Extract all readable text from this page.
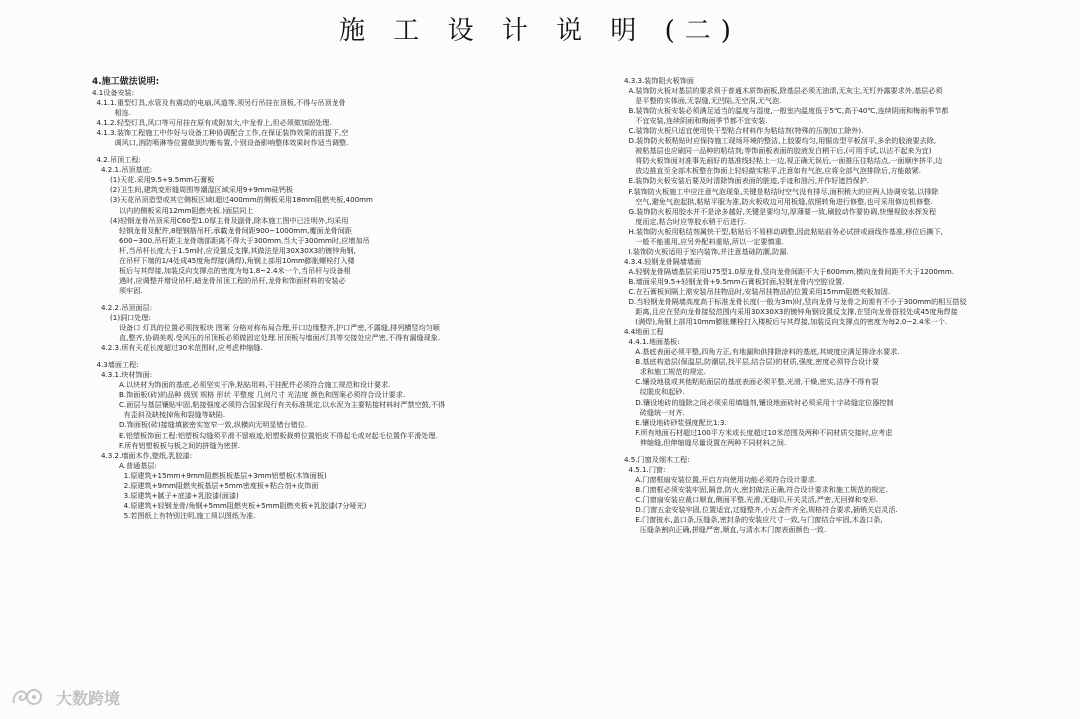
施 工 设 计 说 明 (二)
4.施工做法说明:
4.1设备安装:
4.1.1.重型灯具,水管及有震动的电扇,风道等,须另行吊挂在顶板,不得与吊顶龙骨
相连.
4.1.2.轻型灯具,风口等可吊挂在原有或附加大,中龙骨上,但必须做加固处理.
4.1.3.装饰工程施工中作好与设备工种协调配合工作,在保证装饰效果的前提下,空
调风口,消防喷淋等位置做到均衡布置,个别设备影响整体效果时作适当调整.
4.2.吊顶工程:
4.2.1.吊顶基底:
(1)天花.采用9.5+9.5mm石膏板
(2)卫生间,建筑变形缝周围等潮湿区域采用9+9mm硅钙板
(3)天花吊顶造型或其它侧板区域(超过400mm的侧板采用18mm阻燃夹板,400mm
以内的侧板采用12mm阻燃夹板.)面层同上
(4)轻钢龙骨吊顶采用C60型1.0厚主骨及副骨,除本施工图中已注明外,均采用
轻钢龙骨及配件,8厘钢筋吊杆,承載龙骨间距900~1000mm,覆面龙骨间距
600~300,吊杆距主龙骨端部距离不得大于300mm,当大于300mm时,应增加吊
杆,当吊杆长度大于1.5m时,应设置反支撑,其做法是用30X30X3的镀锌角钢,
在吊杆下端的1/4处成45度角焊接(满焊),角钢上部用10mm膨胀螺栓打入楼
板后与其焊接,加装反向支撑点的密度为每1.8~2.4米一个,当吊杆与设备相
遇时,应调整并增设吊杆,暗龙骨吊顶工程的吊杆,龙骨和饰面材料的安装必
须牢固.
4.2.2.吊顶面层:
(1)洞口处理:
设备口 灯具的位置必须按板块 图案 分格对称布局合理,开口边缘整齐,护口严密,不露缝,排列横竖均匀顺
直,整齐,协调美观.受风压的吊顶板必须做固定处理.吊顶板与墙面/灯具等交接处应严密,不得有漏缝现象.
4.2.3.所有天花长度超过30米范围时,应考虑伸缩缝.
4.3墙面工程:
4.3.1.块材饰面:
A.以块材为饰面的基底,必须坚实干净,粘贴用料,干挂配件必须符合施工规范和设计要求.
B.饰面板(砖)的品种 级别 规格 形状 平整度 几何尺寸 光洁度 颜色和图案必须符合设计要求.
C.面层与基层镶贴牢固,粘接强度必须符合国家现行有关标准规定,以水泥为主要粘接材料时严禁空鼓,不得
有歪斜及缺棱掉角和裂缝等缺陷.
D.饰面板(砖)接缝填嵌密实宽窄一致,纵横向无明显错台错位.
E.铝塑板饰面工程:铝塑板勾缝须平滑不留痕迹,铝塑板裁剪位置铝皮不得起毛或对起毛位置作平滑处理.
F.所有铝塑板板与板之间的拼缝为密拼.
4.3.2.墙面木作,壁纸,乳胶漆:
A.普通基层:
1.原建筑+15mm+9mm阻燃板板基层+3mm铝塑板(木饰面板)
2.原建筑+9mm阻燃夹板基层+5mm密度板+粘合剂+皮饰面
3.原建筑+腻子+底漆+乳胶漆(面漆)
4.原建筑+轻钢龙骨/角钢+5mm阻燃夹板+5mm阻燃夹板+乳胶漆(7分哑光)
5.若图纸上有特别注明,施工须以图纸为准.
4.3.3.装饰阻火板饰面
A.装饰防火板对基层的要求须于普通木质饰面板,除基层必须无油渍,无灰尘,无钉外露要求外,基层必须
是平整的实体面,无裂缝,无凹陷,无空洞,无气泡.
B.装饰防火板安装必须满足适当的温度与湿度,一般室内温度低于5℃,高于40℃,连续阴雨和梅雨季节都
不宜安装,连续阴雨和梅雨季节都不宜安装.
C.装饰防火板只适宜使用快干型粘合材料作为粘结剂(特殊的压制加工除外).
D.装饰防火板粘贴时应保持施工现场环境的整洁,上胶要均匀,用锯齿型平板刮平,多余的胶液要去除,
被粘基层也应刷同一品种的粘结剂;等饰面板表面的胶液发白稍干后,(可用手试,以沾不起来为宜)
将防火板饰面对准事先画好的基准线轻粘上一边,视正确无误后,一面推压往粘结点,一面顺序挤平,边
放边推直至全部木板整在饰面上轻轻敲实粘平,注意如有气泡,应将全部气泡排除后,方能敲紧.
E.装饰防火板安装后要及时清除饰面表面的脏迹,手迹和油污,并作好遮挡保护.
F.装饰防火板施工中应注意气泡现象,关键是粘结时空气没有排尽,面积稍大的应两人协调安装,以排除
空气,避免气泡起拱,粘贴平服为准,防火板收边可用板缝,依照转角进行修整,也可采用修边机修整.
G.装饰防火板用胶水并不是涂多越好,关键是要均匀,厚薄要一致,刷胶动作要协调,快慢视胶水挥发程
度而定,粘合时应等胶水稍干后进行.
H.装饰防火板用粘结剂属快干型,粘贴后不易移动调整,因此粘贴前务必试拼或画线作基准,移位后撕下,
一般不能重用,应另外配料重贴,所以一定要慎重.
I.装饰防火板适用于室内装饰,并注意基础防潮,防漏.
4.3.4.轻钢龙骨隔墙墙面
A.轻钢龙骨隔墙基层采用U75型1.0厚龙骨,竖向龙骨间距不大于600mm,横向龙骨间距不大于1200mm.
B.墙面采用9.5+轻钢龙骨+9.5mm石膏板封面,轻钢龙骨内空腔设置.
C.在石膏板间隔上需安装吊挂物品时,安装吊挂物品的位置采用15mm阻燃夹板加固.
D.当轻钢龙骨隔墙高度高于标准龙骨长度(一般为3m)时,竖向龙骨与龙骨之间需有不小于300mm的相互搭驳
距离,且应在竖向龙骨接驳范围内采用30X30X3的镀锌角钢设置反支撑,在竖向龙骨搭驳处成45度角焊接
(满焊),角钢上部用10mm膨胀螺栓打入楼板后与其焊接,加装反向支撑点的密度为每2.0~2.4米一个.
4.4地面工程
4.4.1.地面基板:
A.基底表面必须平整,四角方正,有地漏和供排除涂料的基底,其坡度应满足排涂水要求.
B.基底构造层(保温层,防潮层,找平层,结合层)的材质,强度,密度必须符合设计要
求和施工规范的规定.
C.镶设地毯或其他粘贴面层的基底表面必须平整,光滑,干燥,密实,洁净不得有裂
纹脱皮和起砂.
D.镶设地砖的缝除之间必须采用填缝剂,镶设地面砖时必须采用十字砖缝定位器控制
砖缝统一对齐.
E.镶设地砖砂浆强度配比1:3.
F.所有地面石材超过100平方米或长度超过10米范围及两种不同材质交接时,应考虑
伸缩缝,但伸缩缝尽量设置在两种不同材料之间.
4.5.门窗及细木工程:
4.5.1.门窗:
A.门窗框扇安装位置,开启方向使用功能必须符合设计要求.
B.门窗框必须安装牢固,隔音,防火,密封做法正确,符合设计要求和施工规范的规定.
C.门窗扇安装应裁口顺直,侧面平整,光滑,无缝印,开关灵活,严密,无回弹和变形.
D.门窗五金安装牢固,位置适宜,过缝整齐,小五金件齐全,规格符合要求,插销关启灵活.
E.门窗披水,盖口条,压缝条,密封条的安装应尺寸一致,与门窗结合牢固,木盖口条,
压缝条割向正确,拼缝严密,顺直,与清水木门窗表面颜色一致.
大数跨境
